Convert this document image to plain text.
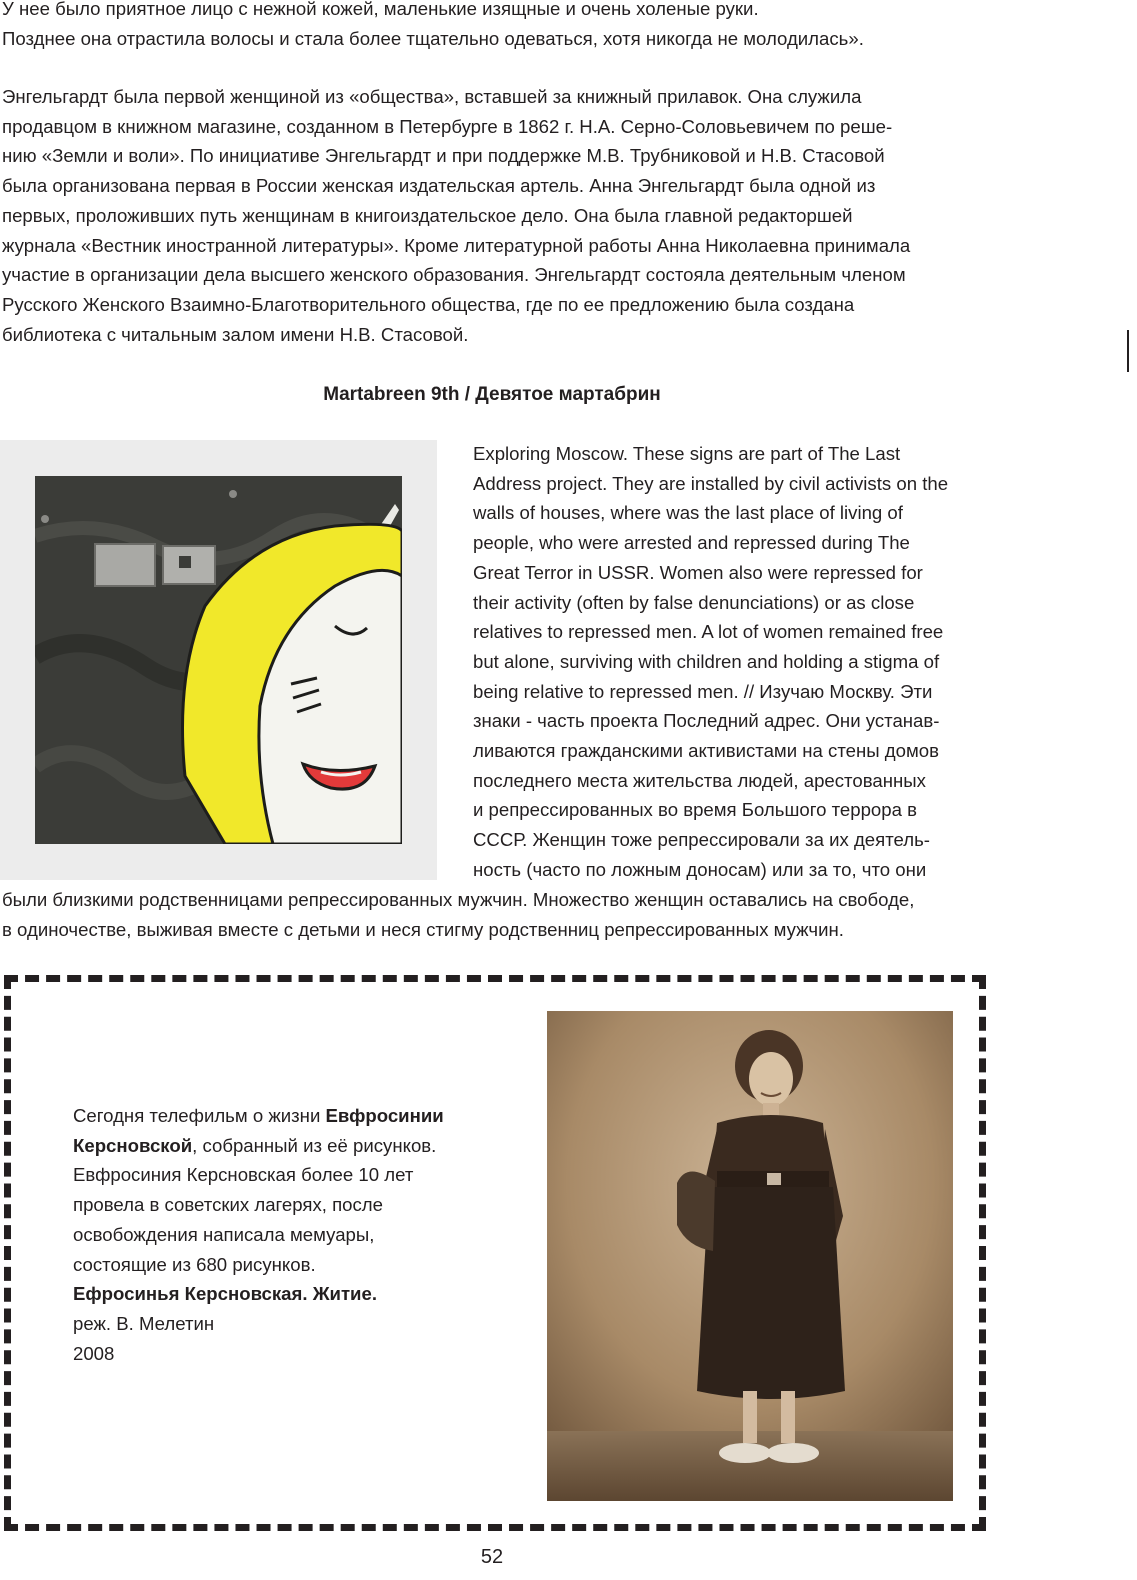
У нее было приятное лицо с нежной кожей, маленькие изящные и очень холеные руки.
Позднее она отрастила волосы и стала более тщательно одеваться, хотя никогда не молодилась».

Энгельгардт была первой женщиной из «общества», вставшей за книжный прилавок. Она служила
продавцом в книжном магазине, созданном в Петербурге в 1862 г. Н.А. Серно-Соловьевичем по реше-
нию «Земли и воли». По инициативе Энгельгардт и при поддержке М.В. Трубниковой и Н.В. Стасовой
была организована первая в России женская издательская артель. Анна Энгельгардт была одной из
первых, проложивших путь женщинам в книгоиздательское дело. Она была главной редакторшей
журнала «Вестник иностранной литературы». Кроме литературной работы Анна Николаевна принимала
участие в организации дела высшего женского образования. Энгельгардт состояла деятельным членом
Русского Женского Взаимно-Благотворительного общества, где по ее предложению была создана
библиотека с читальным залом имени Н.В. Стасовой.

Martabreen 9th / Девятое мартабрин

Exploring Moscow. These signs are part of The Last
Address project. They are installed by civil activists on the
walls of houses, where was the last place of living of
people, who were arrested and repressed during The
Great Terror in USSR. Women also were repressed for
their activity (often by false denunciations) or as close
relatives to repressed men. A lot of women remained free
but alone, surviving with children and holding a stigma of
being relative to repressed men. // Изучаю Москву. Эти
знаки - часть проекта Последний адрес. Они устанав-
ливаются гражданскими активистами на стены домов
последнего места жительства людей, арестованных
и репрессированных во время Большого террора в
СССР. Женщин тоже репрессировали за их деятель-
ность (часто по ложным доносам) или за то, что они

были близкими родственницами репрессированных мужчин. Множество женщин оставались на свободе,
в одиночестве, выживая вместе с детьми и неся стигму родственниц репрессированных мужчин.

Сегодня телефильм о жизни Евфросинии
Керсновской, собранный из её рисунков.
Евфросиния Керсновская более 10 лет
провела в советских лагерях, после
освобождения написала мемуары,
состоящие из 680 рисунков.
Ефросинья Керсновская. Житие.
реж. В. Мелетин
2008

52
